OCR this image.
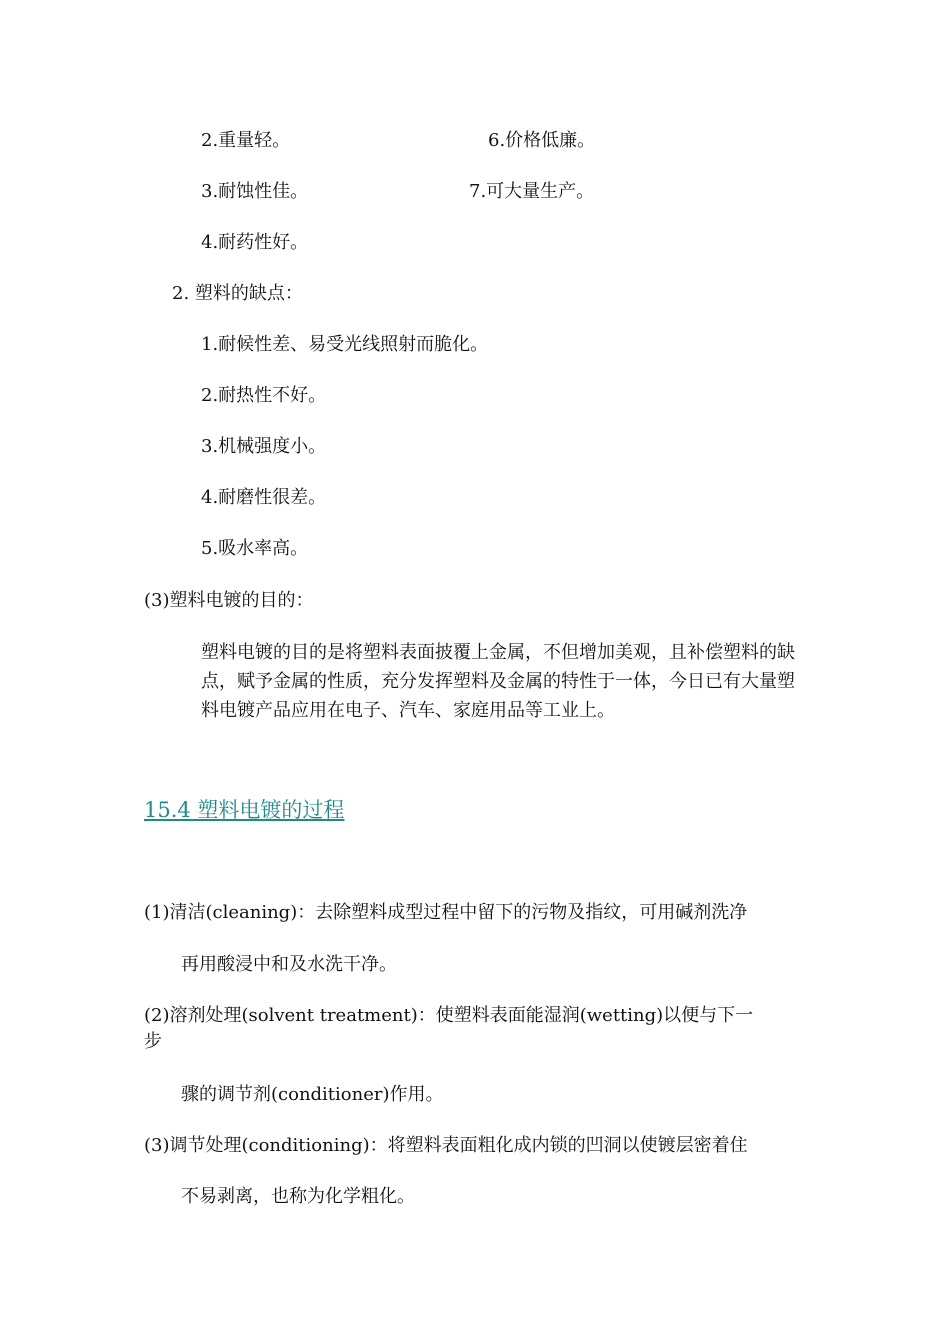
2.重量轻。	6.价格低廉。
3.耐蚀性佳。	7.可大量生产。
4.耐药性好。
2. 塑料的缺点：
1.耐候性差、易受光线照射而脆化。
2.耐热性不好。
3.机械强度小。
4.耐磨性很差。
5.吸水率高。
(3)塑料电镀的目的：
塑料电镀的目的是将塑料表面披覆上金属，不但增加美观，且补偿塑料的缺点，赋予金属的性质，充分发挥塑料及金属的特性于一体，今日已有大量塑料电镀产品应用在电子、汽车、家庭用品等工业上。
15.4 塑料电镀的过程
(1)清洁(cleaning)：去除塑料成型过程中留下的污物及指纹，可用碱剂洗净
再用酸浸中和及水洗干净。
(2)溶剂处理(solvent treatment)：使塑料表面能湿润(wetting)以便与下一
步
骤的调节剂(conditioner)作用。
(3)调节处理(conditioning)：将塑料表面粗化成内锁的凹洞以使镀层密着住
不易剥离，也称为化学粗化。
